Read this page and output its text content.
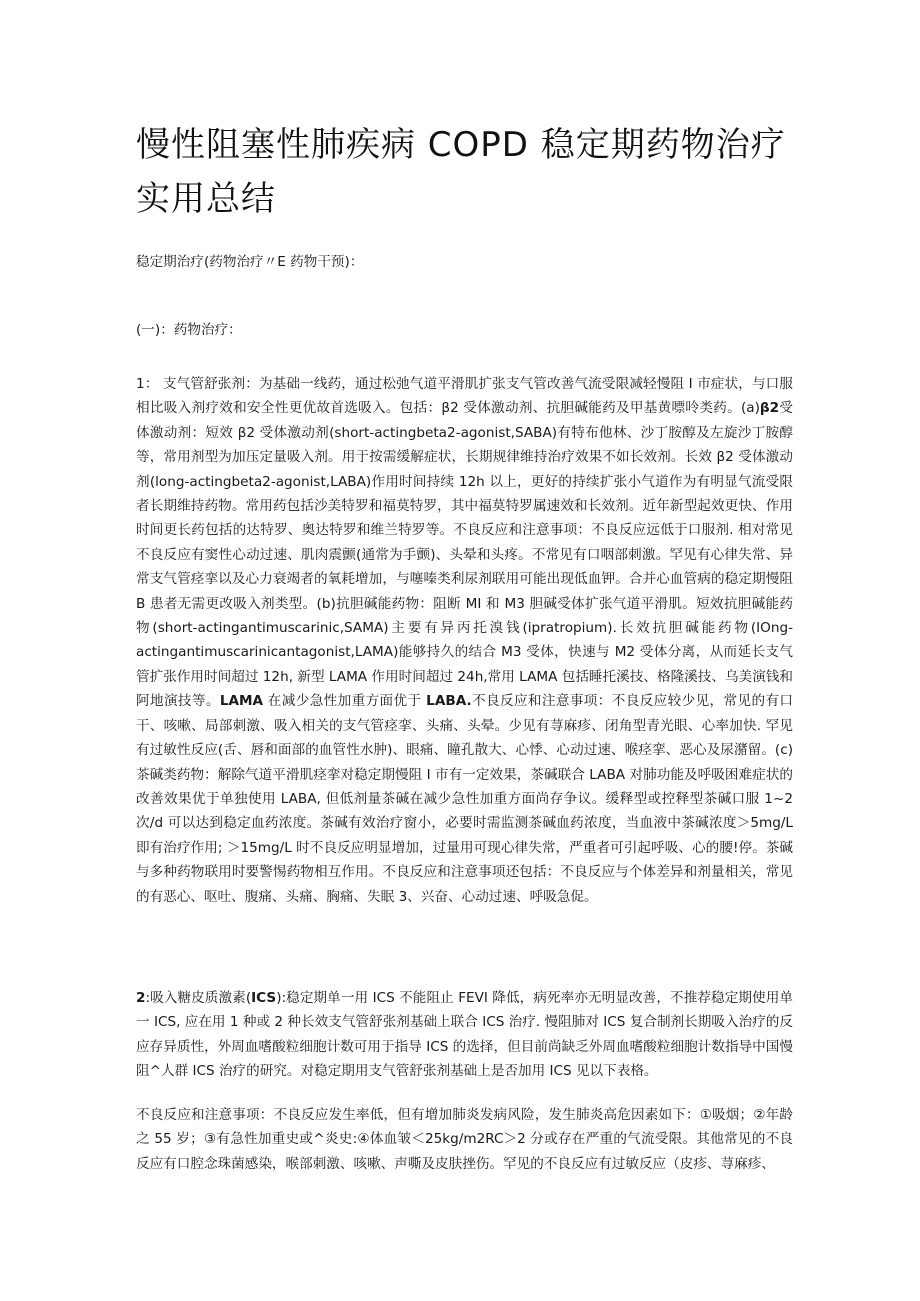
慢性阻塞性肺疾病 COPD 稳定期药物治疗实用总结

稳定期治疗(药物治疗〃E 药物干预)：

(一)：药物治疗：

1： 支气管舒张剂：为基础一线药，通过松弛气道平滑肌扩张支气管改善气流受限减轻慢阻 I 市症状，与口服相比吸入剂疗效和安全性更优故首选吸入。包括：β2 受体激动剂、抗胆碱能药及甲基黄嘌呤类药。(a)β2受体激动剂：短效 β2 受体激动剂(short-actingbeta2-agonist,SABA)有特布他林、沙丁胺醇及左旋沙丁胺醇等，常用剂型为加压定量吸入剂。用于按需缓解症状，长期规律维持治疗效果不如长效剂。长效 β2 受体激动剂(long-actingbeta2-agonist,LABA)作用时间持续 12h 以上，更好的持续扩张小气道作为有明显气流受限者长期维持药物。常用药包括沙美特罗和福莫特罗，其中福莫特罗属速效和长效剂。近年新型起效更快、作用时间更长药包括的达特罗、奥达特罗和维兰特罗等。不良反应和注意事项：不良反应远低于口服剂. 相对常见不良反应有窦性心动过速、肌肉震颤(通常为手颤)、头晕和头疼。不常见有口咽部刺激。罕见有心律失常、异常支气管痉挛以及心力衰竭者的氧耗增加，与噻嗪类利尿剂联用可能出现低血钾。合并心血管病的稳定期慢阻 B 患者无需更改吸入剂类型。(b)抗胆碱能药物：阻断 MI 和 M3 胆碱受体扩张气道平滑肌。短效抗胆碱能药物(short-actingantimuscarinic,SAMA)主要有异丙托溴钱(ipratropium).长效抗胆碱能药物(IOng-actingantimuscarinicantagonist,LAMA)能够持久的结合 M3 受体，快速与 M2 受体分离，从而延长支气管扩张作用时间超过 12h, 新型 LAMA 作用时间超过 24h,常用 LAMA 包括睡托溪技、格隆溪技、乌美演钱和阿地演技等。LAMA 在减少急性加重方面优于 LABA.不良反应和注意事项：不良反应较少见，常见的有口干、咳嗽、局部刺激、吸入相关的支气管痉挛、头痛、头晕。少见有荨麻疹、闭角型青光眼、心率加快. 罕见有过敏性反应(舌、唇和面部的血管性水肿)、眼痛、瞳孔散大、心悸、心动过速、喉痉挛、恶心及尿潴留。(c)茶碱类药物：解除气道平滑肌痉挛对稳定期慢阻 I 市有一定效果，茶碱联合 LABA 对肺功能及呼吸困难症状的改善效果优于单独使用 LABA, 但低剂量茶碱在减少急性加重方面尚存争议。缓释型或控释型茶碱口服 1~2 次/d 可以达到稳定血药浓度。茶碱有效治疗窗小，必要时需监测茶碱血药浓度，当血液中茶碱浓度＞5mg/L 即有治疗作用; ＞15mg/L 时不良反应明显增加，过量用可现心律失常，严重者可引起呼吸、心的腰!停。茶碱与多种药物联用时要警惕药物相互作用。不良反应和注意事项还包括：不良反应与个体差异和剂量相关，常见的有恶心、呕吐、腹痛、头痛、胸痛、失眠 3、兴奋、心动过速、呼吸急促。

2:吸入糖皮质激素(ICS):稳定期单一用 ICS 不能阻止 FEVI 降低，病死率亦无明显改善，不推荐稳定期使用单一 ICS, 应在用 1 种或 2 种长效支气管舒张剂基础上联合 ICS 治疗. 慢阻肺对 ICS 复合制剂长期吸入治疗的反应存异质性，外周血嗜酸粒细胞计数可用于指导 ICS 的选择，但目前尚缺乏外周血嗜酸粒细胞计数指导中国慢阻^人群 ICS 治疗的研究。对稳定期用支气管舒张剂基础上是否加用 ICS 见以下表格。

不良反应和注意事项：不良反应发生率低，但有增加肺炎发病风险，发生肺炎高危因素如下：①吸烟；②年龄之 55 岁；③有急性加重史或^炎史:④体血皱＜25kg∕m2RC＞2 分或存在严重的气流受限。其他常见的不良反应有口腔念珠菌感染，喉部刺激、咳嗽、声嘶及皮肤挫伤。罕见的不良反应有过敏反应（皮疹、荨麻疹、
